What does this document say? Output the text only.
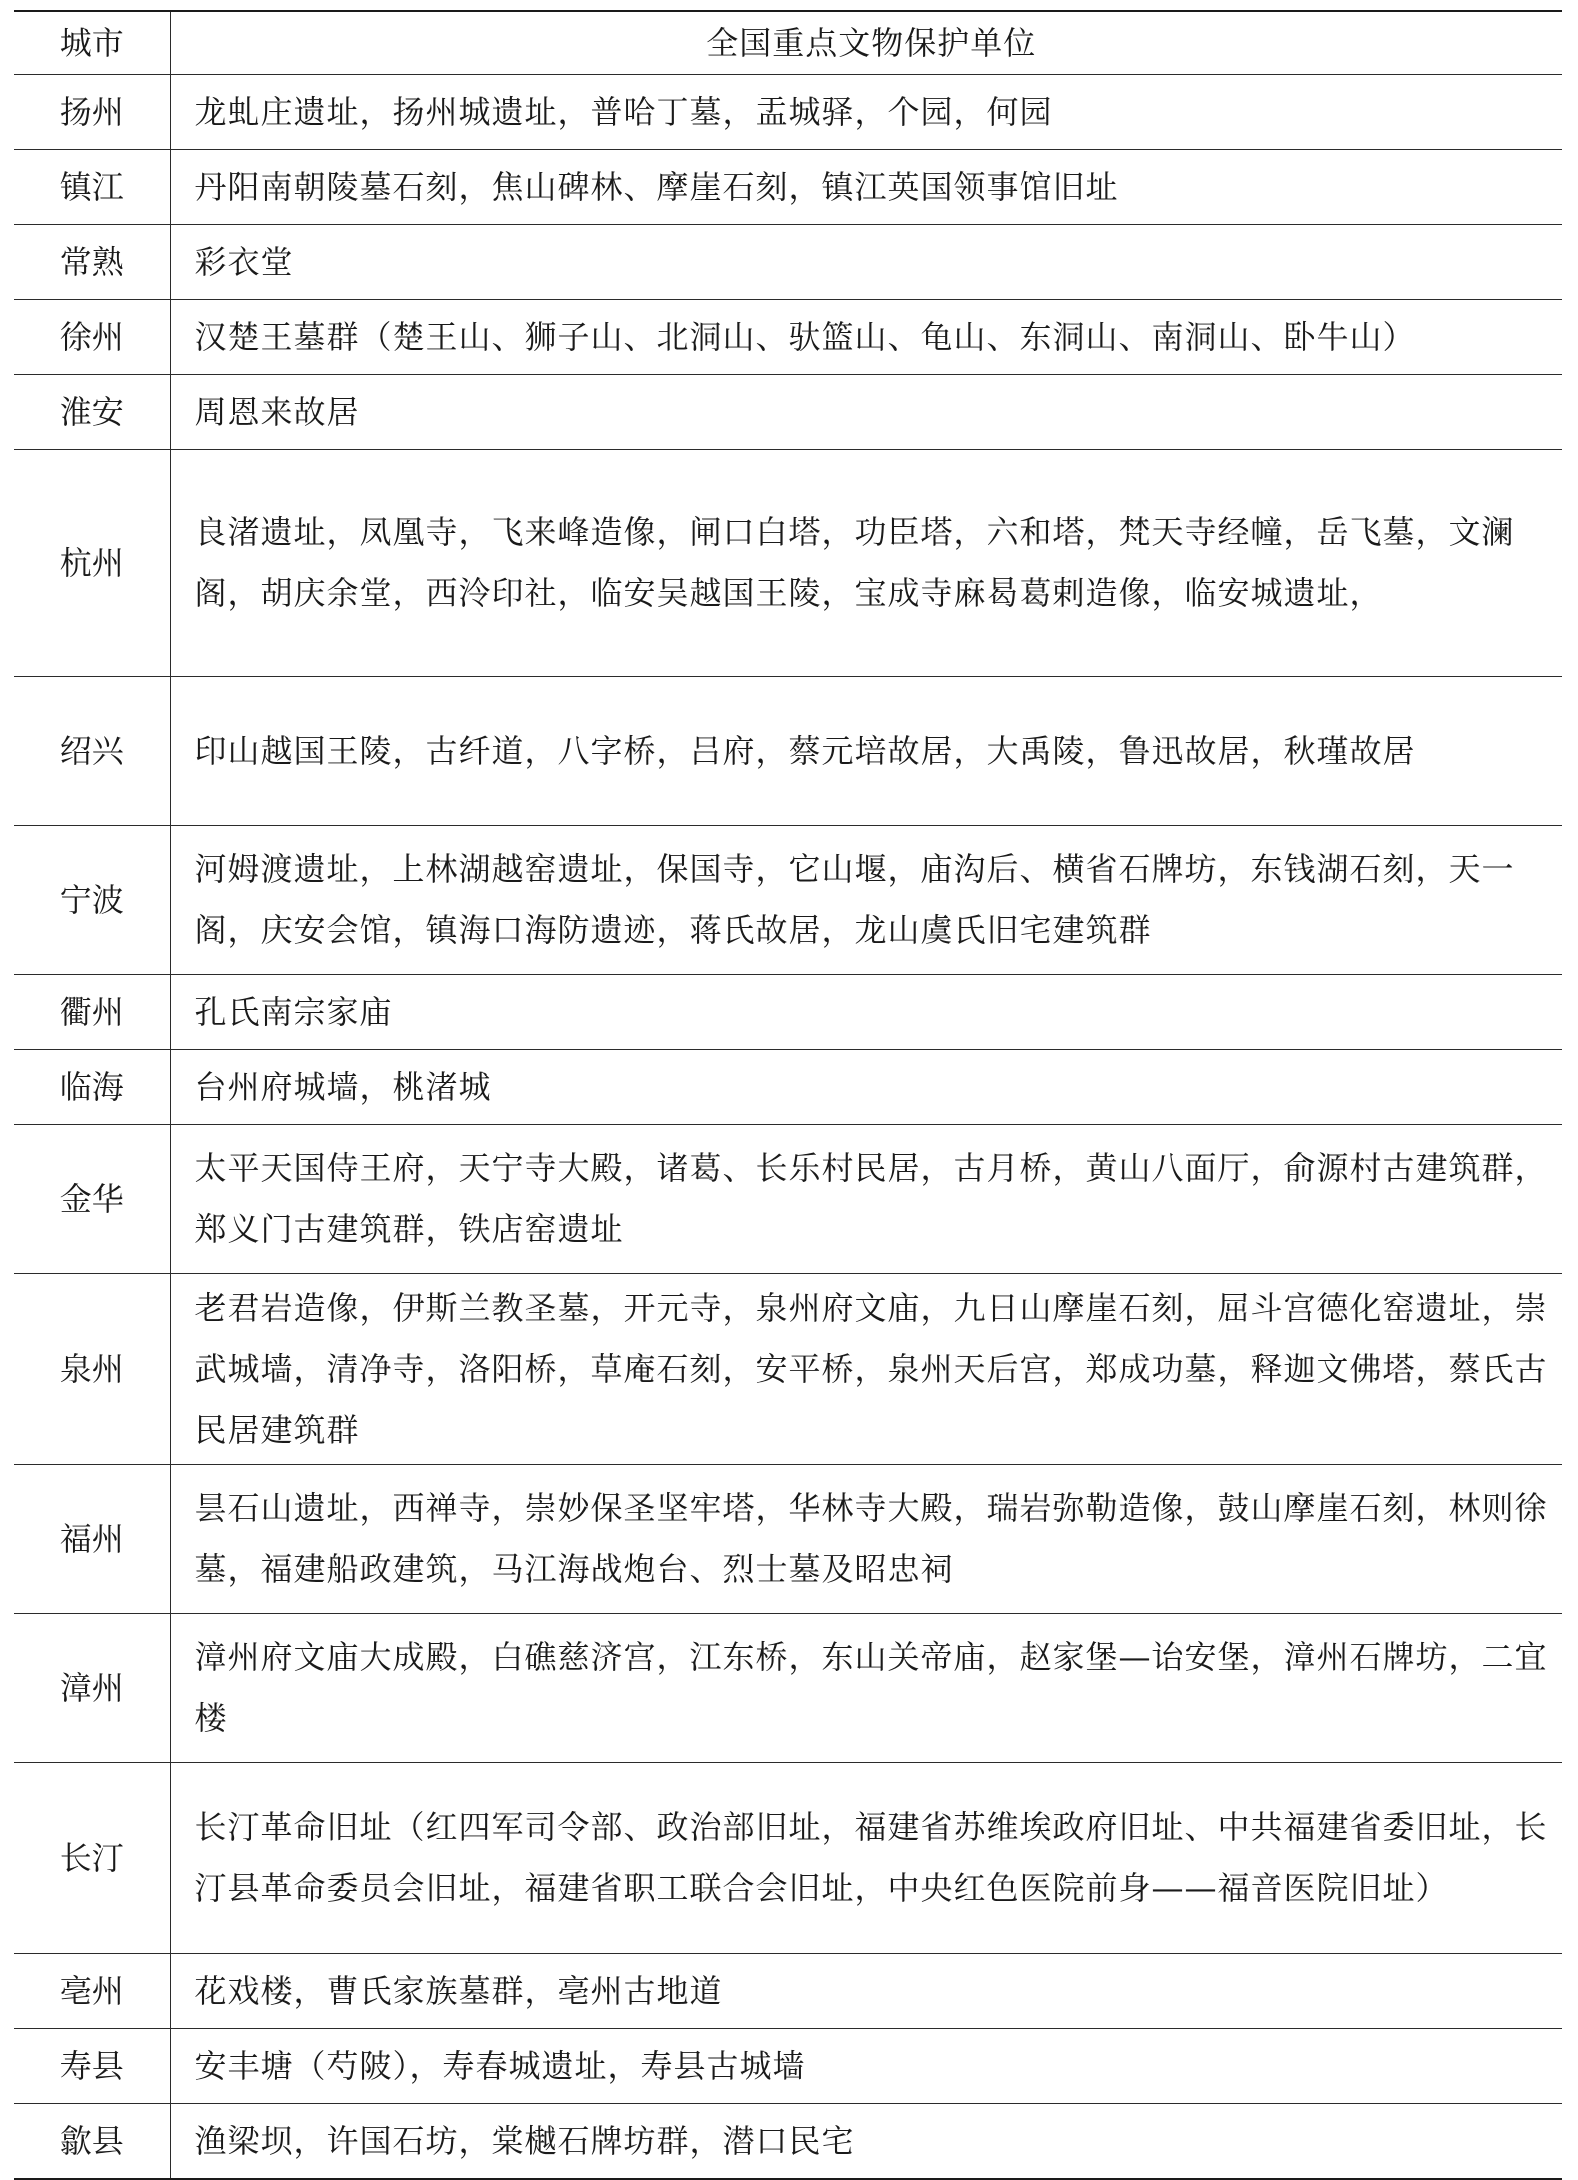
城市	全国重点文物保护单位
扬州	龙虬庄遗址，扬州城遗址，普哈丁墓，盂城驿，个园，何园
镇江	丹阳南朝陵墓石刻，焦山碑林、摩崖石刻，镇江英国领事馆旧址
常熟	彩衣堂
徐州	汉楚王墓群（楚王山、狮子山、北洞山、驮篮山、龟山、东洞山、南洞山、卧牛山）
淮安	周恩来故居
杭州	良渚遗址，凤凰寺，飞来峰造像，闸口白塔，功臣塔，六和塔，梵天寺经幢，岳飞墓，文澜阁，胡庆余堂，西泠印社，临安吴越国王陵，宝成寺麻曷葛剌造像，临安城遗址，
绍兴	印山越国王陵，古纤道，八字桥，吕府，蔡元培故居，大禹陵，鲁迅故居，秋瑾故居
宁波	河姆渡遗址，上林湖越窑遗址，保国寺，它山堰，庙沟后、横省石牌坊，东钱湖石刻，天一阁，庆安会馆，镇海口海防遗迹，蒋氏故居，龙山虞氏旧宅建筑群
衢州	孔氏南宗家庙
临海	台州府城墙，桃渚城
金华	太平天国侍王府，天宁寺大殿，诸葛、长乐村民居，古月桥，黄山八面厅，俞源村古建筑群，郑义门古建筑群，铁店窑遗址
泉州	老君岩造像，伊斯兰教圣墓，开元寺，泉州府文庙，九日山摩崖石刻，屈斗宫德化窑遗址，崇武城墙，清净寺，洛阳桥，草庵石刻，安平桥，泉州天后宫，郑成功墓，释迦文佛塔，蔡氏古民居建筑群
福州	昙石山遗址，西禅寺，崇妙保圣坚牢塔，华林寺大殿，瑞岩弥勒造像，鼓山摩崖石刻，林则徐墓，福建船政建筑，马江海战炮台、烈士墓及昭忠祠
漳州	漳州府文庙大成殿，白礁慈济宫，江东桥，东山关帝庙，赵家堡—诒安堡，漳州石牌坊，二宜楼
长汀	长汀革命旧址（红四军司令部、政治部旧址，福建省苏维埃政府旧址、中共福建省委旧址，长汀县革命委员会旧址，福建省职工联合会旧址，中央红色医院前身——福音医院旧址）
亳州	花戏楼，曹氏家族墓群，亳州古地道
寿县	安丰塘（芍陂），寿春城遗址，寿县古城墙
歙县	渔梁坝，许国石坊，棠樾石牌坊群，潜口民宅
